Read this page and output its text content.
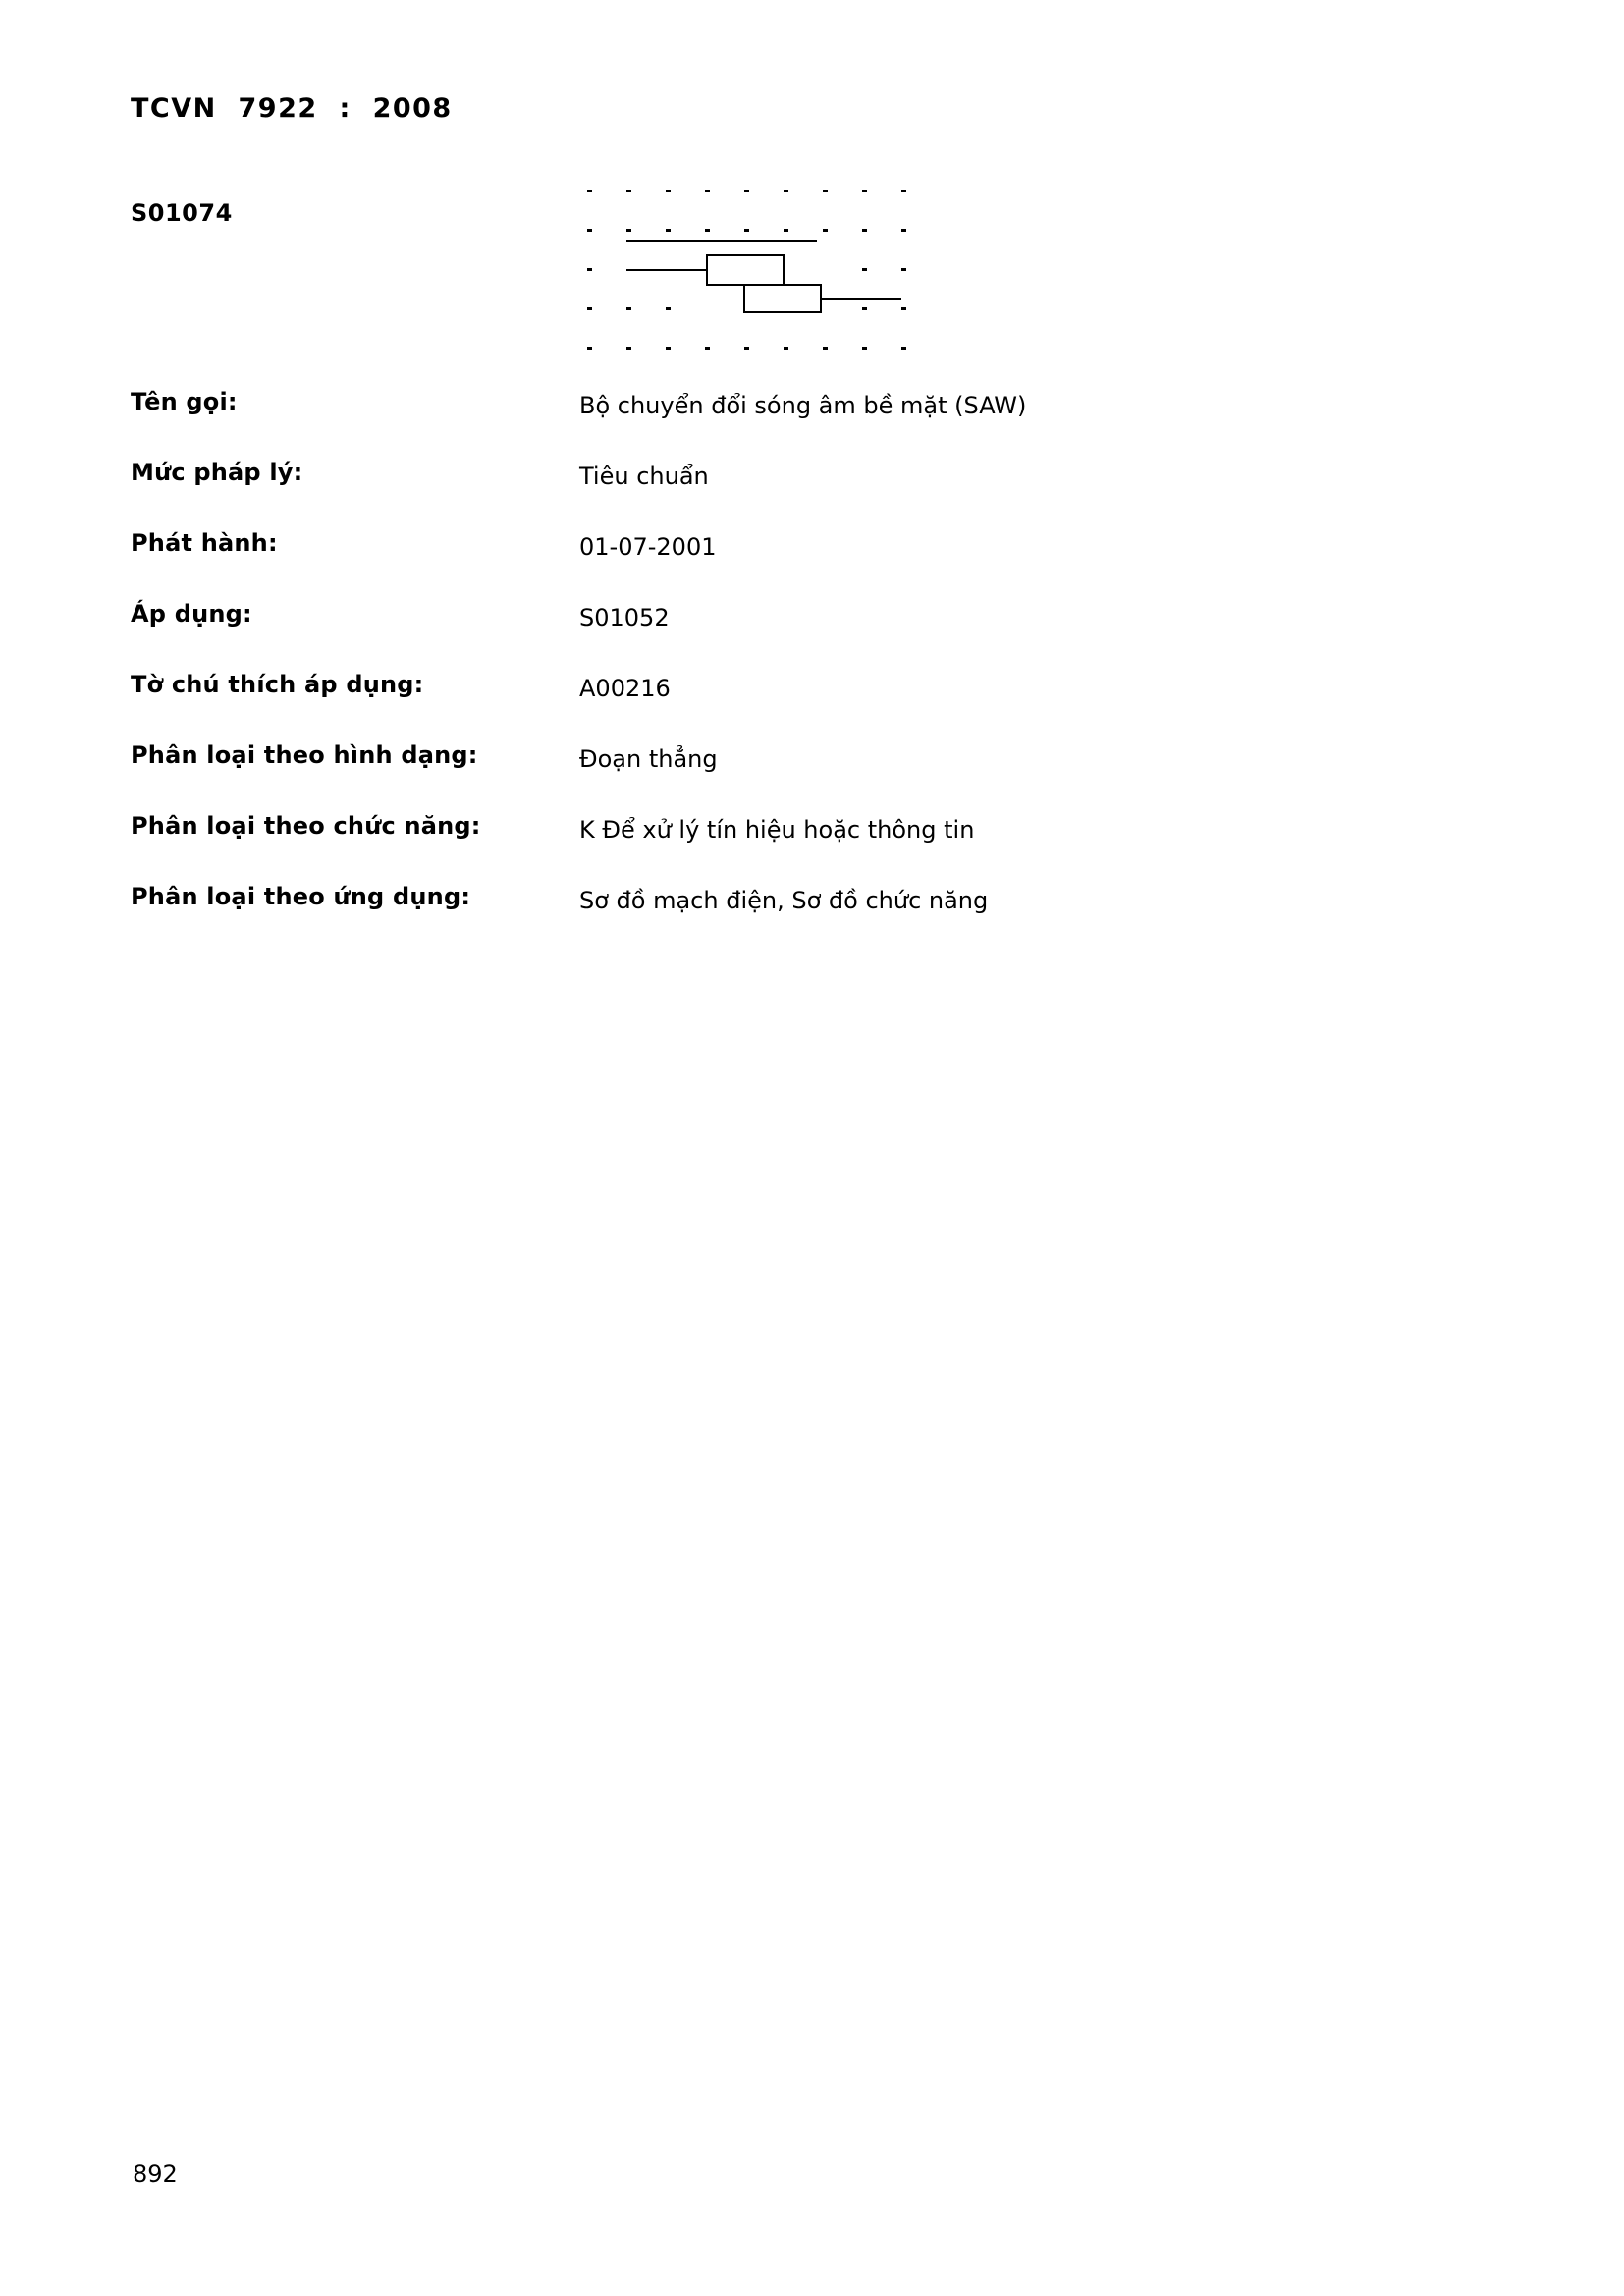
TCVN  7922  :  2008
S01074
Tên gọi:	Bộ chuyển đổi sóng âm bề mặt (SAW)
Mức pháp lý:	Tiêu chuẩn
Phát hành:	01-07-2001
Áp dụng:	S01052
Tờ chú thích áp dụng:	A00216
Phân loại theo hình dạng:	Đoạn thẳng
Phân loại theo chức năng:	K Để xử lý tín hiệu hoặc thông tin
Phân loại theo ứng dụng:	Sơ đồ mạch điện, Sơ đồ chức năng
892
